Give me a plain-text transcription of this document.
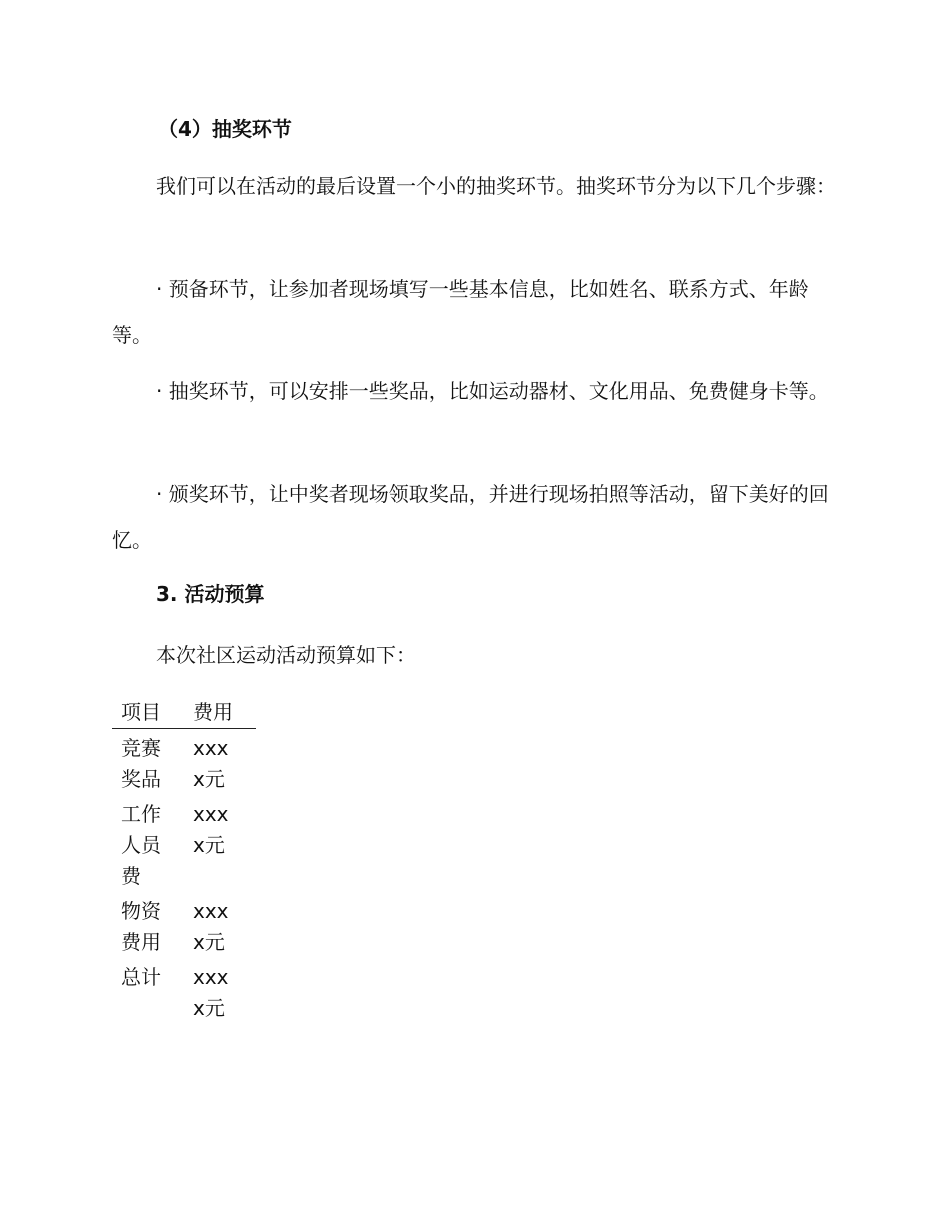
（4）抽奖环节

我们可以在活动的最后设置一个小的抽奖环节。抽奖环节分为以下几个步骤：

· 预备环节，让参加者现场填写一些基本信息，比如姓名、联系方式、年龄等。

· 抽奖环节，可以安排一些奖品，比如运动器材、文化用品、免费健身卡等。

· 颁奖环节，让中奖者现场领取奖品，并进行现场拍照等活动，留下美好的回忆。

3. 活动预算

本次社区运动活动预算如下：

项目	费用

竞赛奖品	xxxx元

工作人员费	xxxx元

物资费用	xxxx元

总计	xxxx元
